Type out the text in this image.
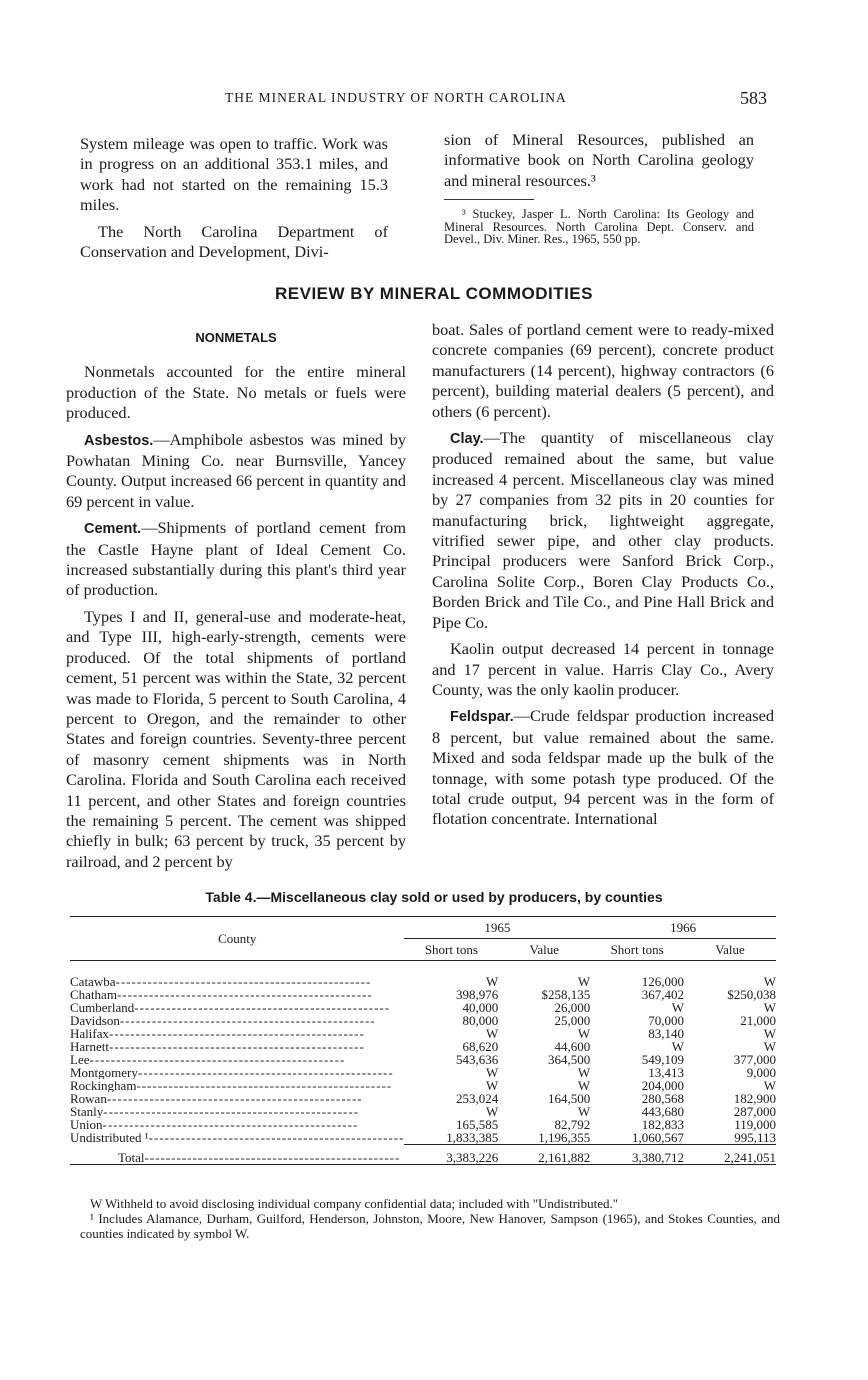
THE MINERAL INDUSTRY OF NORTH CAROLINA	583

System mileage was open to traffic. Work was in progress on an additional 353.1 miles, and work had not started on the remaining 15.3 miles.

The North Carolina Department of Conservation and Development, Divi-

sion of Mineral Resources, published an informative book on North Carolina geology and mineral resources.³

³ Stuckey, Jasper L. North Carolina: Its Geology and Mineral Resources. North Carolina Dept. Conserv. and Devel., Div. Miner. Res., 1965, 550 pp.

REVIEW BY MINERAL COMMODITIES
NONMETALS

Nonmetals accounted for the entire mineral production of the State. No metals or fuels were produced.

Asbestos.—Amphibole asbestos was mined by Powhatan Mining Co. near Burnsville, Yancey County. Output increased 66 percent in quantity and 69 percent in value.

Cement.—Shipments of portland cement from the Castle Hayne plant of Ideal Cement Co. increased substantially during this plant's third year of production.

Types I and II, general-use and moderate-heat, and Type III, high-early-strength, cements were produced. Of the total shipments of portland cement, 51 percent was within the State, 32 percent was made to Florida, 5 percent to South Carolina, 4 percent to Oregon, and the remainder to other States and foreign countries. Seventy-three percent of masonry cement shipments was in North Carolina. Florida and South Carolina each received 11 percent, and other States and foreign countries the remaining 5 percent. The cement was shipped chiefly in bulk; 63 percent by truck, 35 percent by railroad, and 2 percent by

boat. Sales of portland cement were to ready-mixed concrete companies (69 percent), concrete product manufacturers (14 percent), highway contractors (6 percent), building material dealers (5 percent), and others (6 percent).

Clay.—The quantity of miscellaneous clay produced remained about the same, but value increased 4 percent. Miscellaneous clay was mined by 27 companies from 32 pits in 20 counties for manufacturing brick, lightweight aggregate, vitrified sewer pipe, and other clay products. Principal producers were Sanford Brick Corp., Carolina Solite Corp., Boren Clay Products Co., Borden Brick and Tile Co., and Pine Hall Brick and Pipe Co.

Kaolin output decreased 14 percent in tonnage and 17 percent in value. Harris Clay Co., Avery County, was the only kaolin producer.

Feldspar.—Crude feldspar production increased 8 percent, but value remained about the same. Mixed and soda feldspar made up the bulk of the tonnage, with some potash type produced. Of the total crude output, 94 percent was in the form of flotation concentrate. International

Table 4.—Miscellaneous clay sold or used by producers, by counties
County	1965		1966	
	Short tons	Value	Short tons	Value
Catawba -----	W	W	126,000	W
Chatham -----	398,976	$258,135	367,402	$250,038
Cumberland -----	40,000	26,000	W	W
Davidson -----	80,000	25,000	70,000	21,000
Halifax -----	W	W	83,140	W
Harnett -----	68,620	44,600	W	W
Lee -----	543,636	364,500	549,109	377,000
Montgomery -----	W	W	13,413	9,000
Rockingham -----	W	W	204,000	W
Rowan -----	253,024	164,500	280,568	182,900
Stanly -----	W	W	443,680	287,000
Union -----	165,585	82,792	182,833	119,000
Undistributed ¹ -----	1,833,385	1,196,355	1,060,567	995,113
Total -----	3,383,226	2,161,882	3,380,712	2,241,051

W Withheld to avoid disclosing individual company confidential data; included with "Undistributed."

¹ Includes Alamance, Durham, Guilford, Henderson, Johnston, Moore, New Hanover, Sampson (1965), and Stokes Counties, and counties indicated by symbol W.
